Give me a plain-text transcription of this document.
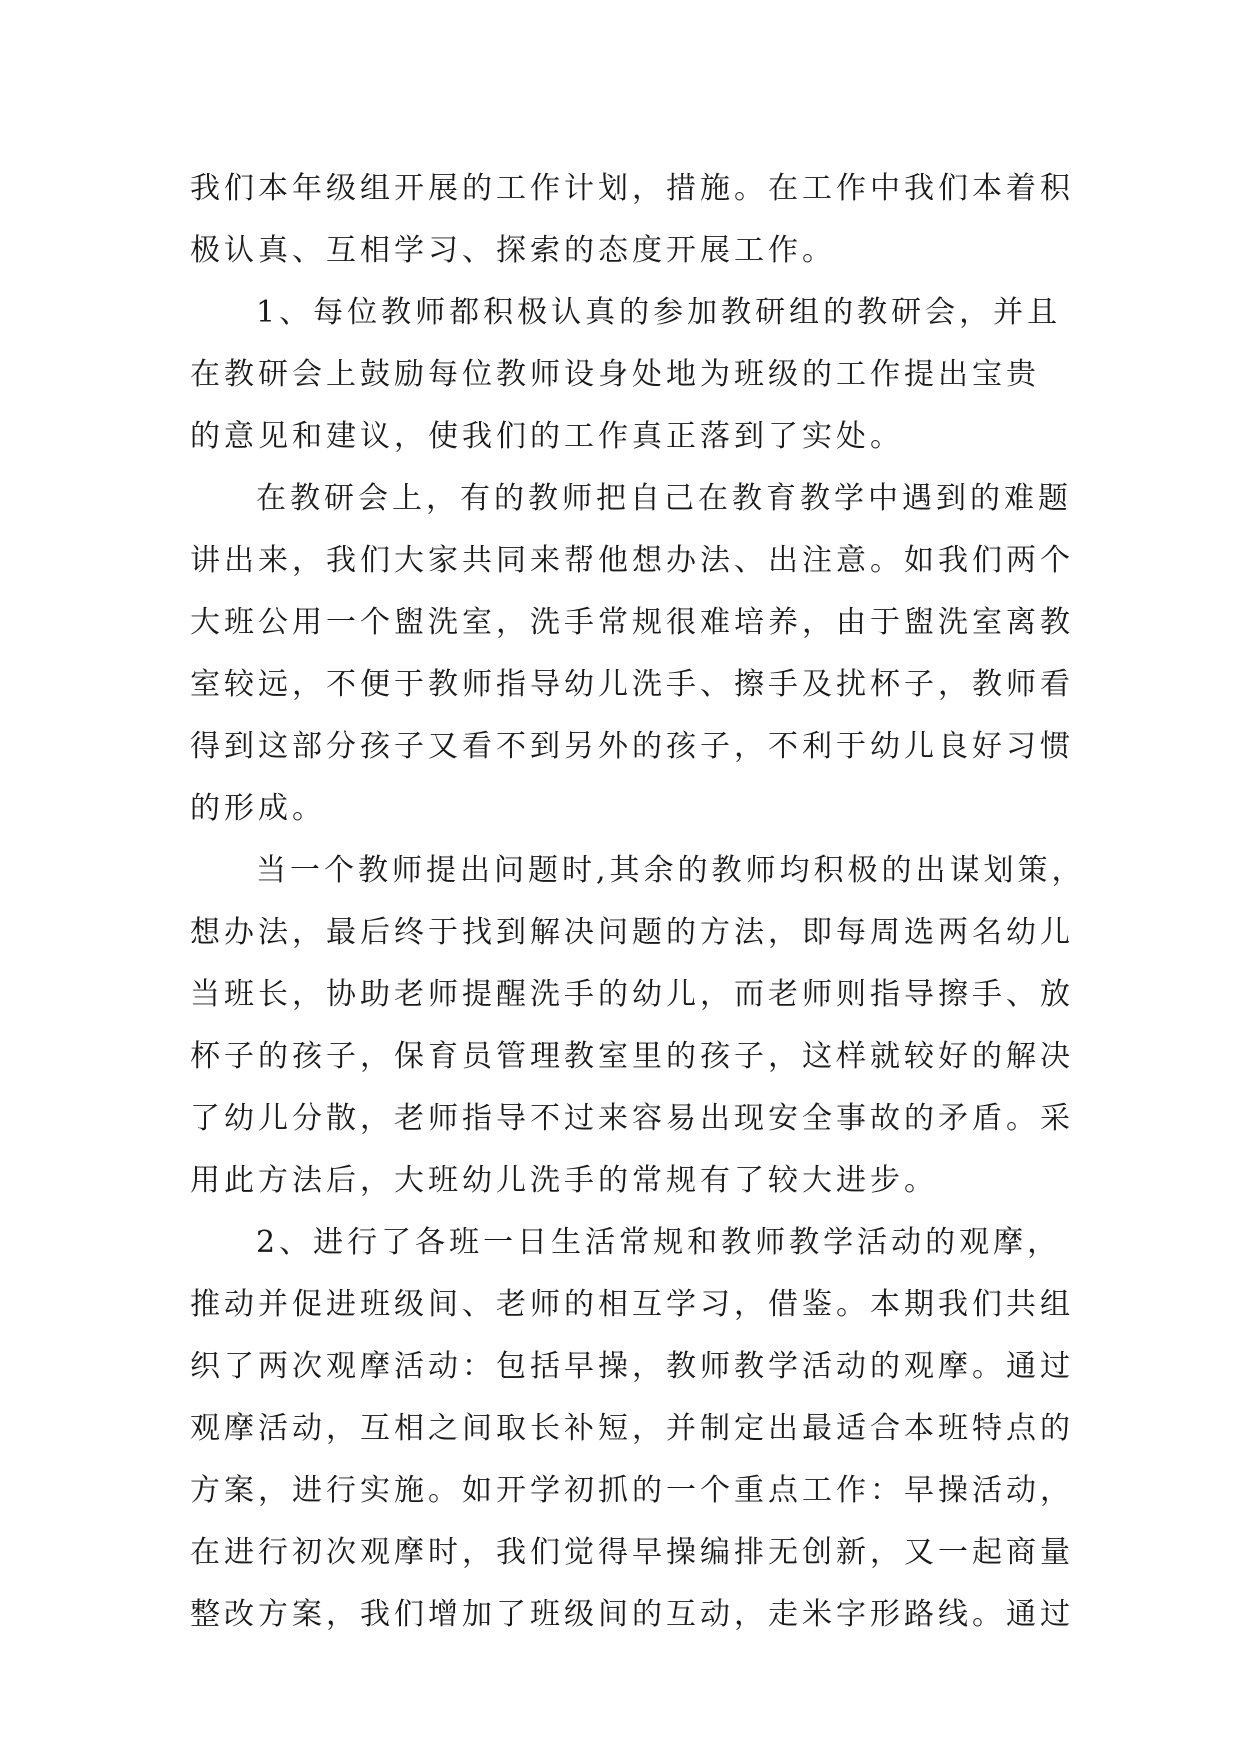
我们本年级组开展的工作计划，措施。在工作中我们本着积
极认真、互相学习、探索的态度开展工作。
1、每位教师都积极认真的参加教研组的教研会，并且
在教研会上鼓励每位教师设身处地为班级的工作提出宝贵
的意见和建议，使我们的工作真正落到了实处。
在教研会上，有的教师把自己在教育教学中遇到的难题
讲出来，我们大家共同来帮他想办法、出注意。如我们两个
大班公用一个盥洗室，洗手常规很难培养，由于盥洗室离教
室较远，不便于教师指导幼儿洗手、擦手及扰杯子，教师看
得到这部分孩子又看不到另外的孩子，不利于幼儿良好习惯
的形成。
当一个教师提出问题时,其余的教师均积极的出谋划策，
想办法，最后终于找到解决问题的方法，即每周选两名幼儿
当班长，协助老师提醒洗手的幼儿，而老师则指导擦手、放
杯子的孩子，保育员管理教室里的孩子，这样就较好的解决
了幼儿分散，老师指导不过来容易出现安全事故的矛盾。采
用此方法后，大班幼儿洗手的常规有了较大进步。
2、进行了各班一日生活常规和教师教学活动的观摩，
推动并促进班级间、老师的相互学习，借鉴。本期我们共组
织了两次观摩活动：包括早操，教师教学活动的观摩。通过
观摩活动，互相之间取长补短，并制定出最适合本班特点的
方案，进行实施。如开学初抓的一个重点工作：早操活动，
在进行初次观摩时，我们觉得早操编排无创新，又一起商量
整改方案，我们增加了班级间的互动，走米字形路线。通过
